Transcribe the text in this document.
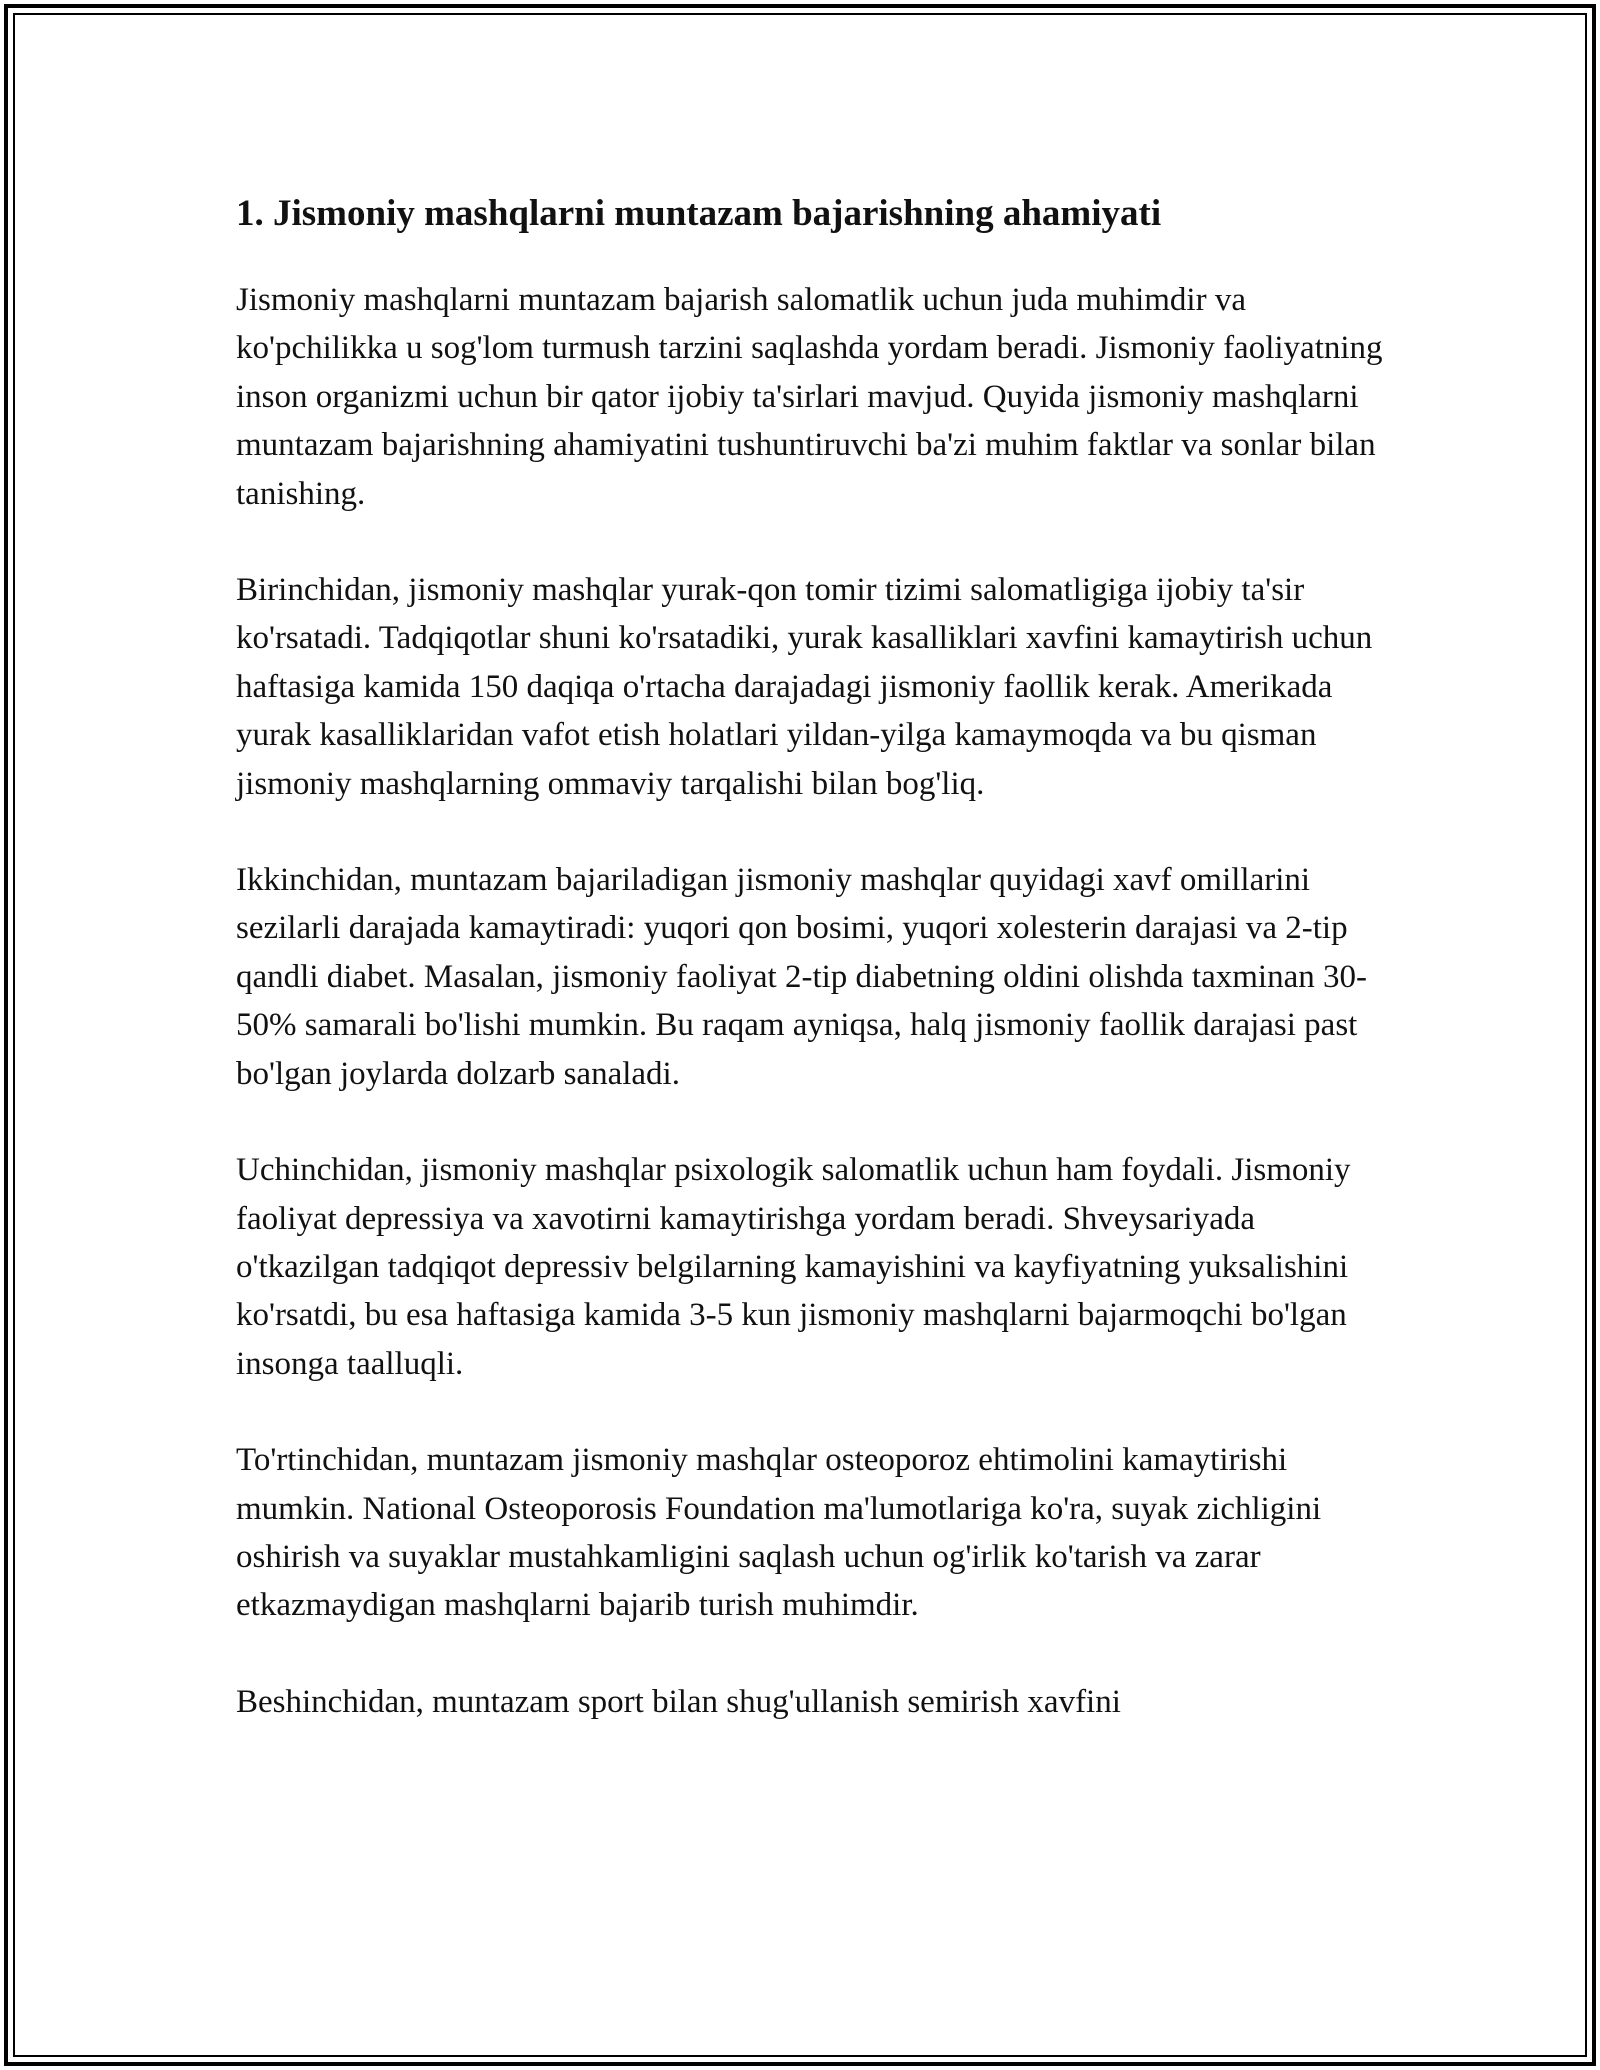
1. Jismoniy mashqlarni muntazam bajarishning ahamiyati

Jismoniy mashqlarni muntazam bajarish salomatlik uchun juda muhimdir va ko'pchilikka u sog'lom turmush tarzini saqlashda yordam beradi. Jismoniy faoliyatning inson organizmi uchun bir qator ijobiy ta'sirlari mavjud. Quyida jismoniy mashqlarni muntazam bajarishning ahamiyatini tushuntiruvchi ba'zi muhim faktlar va sonlar bilan tanishing.

Birinchidan, jismoniy mashqlar yurak-qon tomir tizimi salomatligiga ijobiy ta'sir ko'rsatadi. Tadqiqotlar shuni ko'rsatadiki, yurak kasalliklari xavfini kamaytirish uchun haftasiga kamida 150 daqiqa o'rtacha darajadagi jismoniy faollik kerak. Amerikada yurak kasalliklaridan vafot etish holatlari yildan-yilga kamaymoqda va bu qisman jismoniy mashqlarning ommaviy tarqalishi bilan bog'liq.

Ikkinchidan, muntazam bajariladigan jismoniy mashqlar quyidagi xavf omillarini sezilarli darajada kamaytiradi: yuqori qon bosimi, yuqori xolesterin darajasi va 2-tip qandli diabet. Masalan, jismoniy faoliyat 2-tip diabetning oldini olishda taxminan 30-50% samarali bo'lishi mumkin. Bu raqam ayniqsa, halq jismoniy faollik darajasi past bo'lgan joylarda dolzarb sanaladi.

Uchinchidan, jismoniy mashqlar psixologik salomatlik uchun ham foydali. Jismoniy faoliyat depressiya va xavotirni kamaytirishga yordam beradi. Shveysariyada o'tkazilgan tadqiqot depressiv belgilarning kamayishini va kayfiyatning yuksalishini ko'rsatdi, bu esa haftasiga kamida 3-5 kun jismoniy mashqlarni bajarmoqchi bo'lgan insonga taalluqli.

To'rtinchidan, muntazam jismoniy mashqlar osteoporoz ehtimolini kamaytirishi mumkin. National Osteoporosis Foundation ma'lumotlariga ko'ra, suyak zichligini oshirish va suyaklar mustahkamligini saqlash uchun og'irlik ko'tarish va zarar etkazmaydigan mashqlarni bajarib turish muhimdir.

Beshinchidan, muntazam sport bilan shug'ullanish semirish xavfini
